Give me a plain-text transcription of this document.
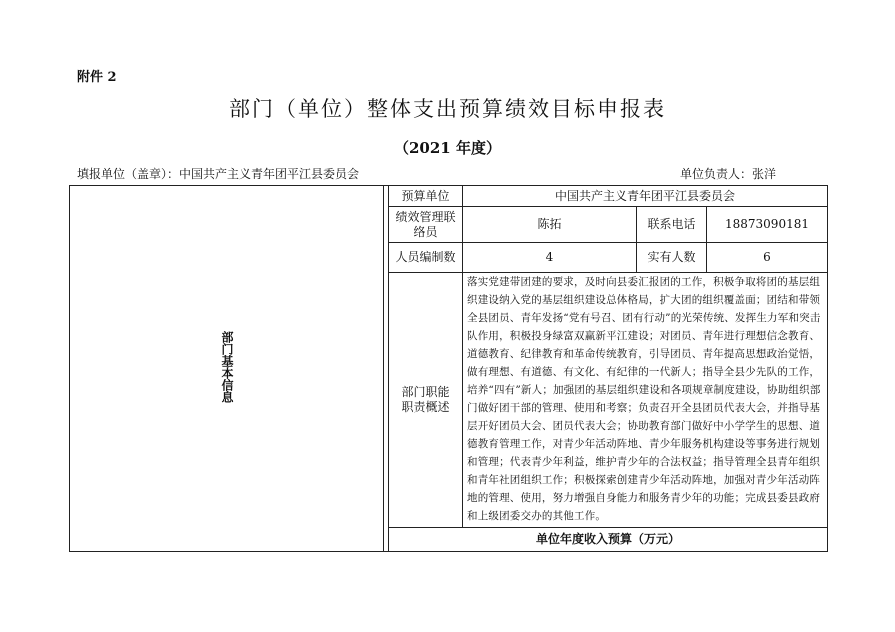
附件 2
部门（单位）整体支出预算绩效目标申报表
（2021 年度）
填报单位（盖章）：中国共产主义青年团平江县委员会	单位负责人：张洋
部门基本信息		预算单位	中国共产主义青年团平江县委员会		
		绩效管理联络员	陈拓	联系电话	18873090181
		人员编制数	4	实有人数	6
		部门职能职责概述	落实党建带团建的要求，及时向县委汇报团的工作，积极争取将团的基层组织建设纳入党的基层组织建设总体格局，扩大团的组织覆盖面；团结和带领全县团员、青年发扬“党有号召、团有行动”的光荣传统、发挥生力军和突击队作用，积极投身绿富双赢新平江建设；对团员、青年进行理想信念教育、道德教育、纪律教育和革命传统教育，引导团员、青年提高思想政治觉悟，做有理想、有道德、有文化、有纪律的一代新人；指导全县少先队的工作，培养“四有”新人；加强团的基层组织建设和各项规章制度建设，协助组织部门做好团干部的管理、使用和考察；负责召开全县团员代表大会，并指导基层开好团员大会、团员代表大会；协助教育部门做好中小学学生的思想、道德教育管理工作，对青少年活动阵地、青少年服务机构建设等事务进行规划和管理；代表青少年利益，维护青少年的合法权益；指导管理全县青年组织和青年社团组织工作；积极探索创建青少年活动阵地，加强对青少年活动阵地的管理、使用，努力增强自身能力和服务青少年的功能；完成县委县政府和上级团委交办的其他工作。		
		单位年度收入预算（万元）			
